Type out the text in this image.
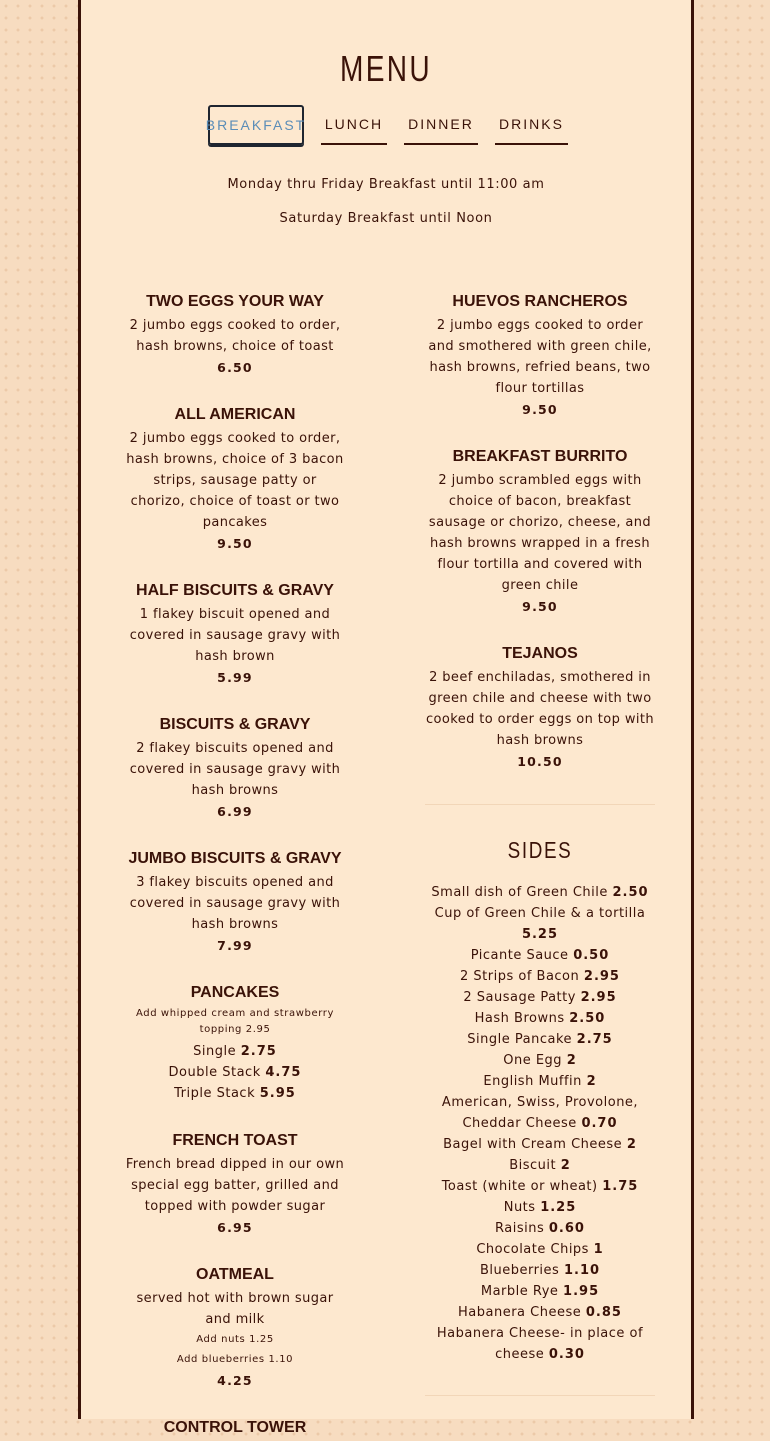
MENU
BREAKFAST LUNCH DINNER DRINKS
Monday thru Friday Breakfast until 11:00 am
Saturday Breakfast until Noon
TWO EGGS YOUR WAY
2 jumbo eggs cooked to order, hash browns, choice of toast
6.50
ALL AMERICAN
2 jumbo eggs cooked to order, hash browns, choice of 3 bacon strips, sausage patty or chorizo, choice of toast or two pancakes
9.50
HALF BISCUITS & GRAVY
1 flakey biscuit opened and covered in sausage gravy with hash brown
5.99
BISCUITS & GRAVY
2 flakey biscuits opened and covered in sausage gravy with hash browns
6.99
JUMBO BISCUITS & GRAVY
3 flakey biscuits opened and covered in sausage gravy with hash browns
7.99
PANCAKES
Add whipped cream and strawberry topping 2.95
Single 2.75
Double Stack 4.75
Triple Stack 5.95
FRENCH TOAST
French bread dipped in our own special egg batter, grilled and topped with powder sugar
6.95
OATMEAL
served hot with brown sugar and milk
Add nuts 1.25
Add blueberries 1.10
4.25
CONTROL TOWER
HUEVOS RANCHEROS
2 jumbo eggs cooked to order and smothered with green chile, hash browns, refried beans, two flour tortillas
9.50
BREAKFAST BURRITO
2 jumbo scrambled eggs with choice of bacon, breakfast sausage or chorizo, cheese, and hash browns wrapped in a fresh flour tortilla and covered with green chile
9.50
TEJANOS
2 beef enchiladas, smothered in green chile and cheese with two cooked to order eggs on top with hash browns
10.50
SIDES
Small dish of Green Chile 2.50
Cup of Green Chile & a tortilla 5.25
Picante Sauce 0.50
2 Strips of Bacon 2.95
2 Sausage Patty 2.95
Hash Browns 2.50
Single Pancake 2.75
One Egg 2
English Muffin 2
American, Swiss, Provolone, Cheddar Cheese 0.70
Bagel with Cream Cheese 2
Biscuit 2
Toast (white or wheat) 1.75
Nuts 1.25
Raisins 0.60
Chocolate Chips 1
Blueberries 1.10
Marble Rye 1.95
Habanera Cheese 0.85
Habanera Cheese- in place of cheese 0.30
